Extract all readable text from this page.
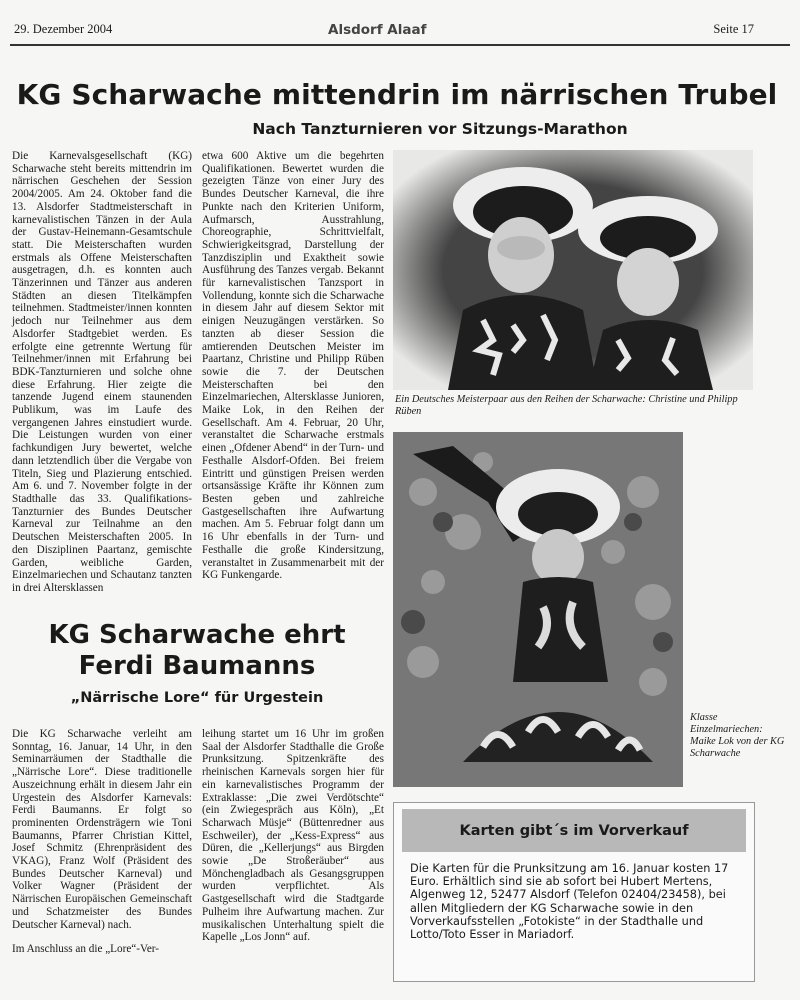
29. Dezember 2004	Alsdorf Alaaf	Seite 17
KG Scharwache mittendrin im närrischen Trubel
Nach Tanzturnieren vor Sitzungs-Marathon

Die Karnevalsgesellschaft (KG) Scharwache steht bereits mittendrin im närrischen Geschehen der Session 2004/2005. Am 24. Oktober fand die 13. Alsdorfer Stadtmeisterschaft in karnevalistischen Tänzen in der Aula der Gustav-Heinemann-Gesamtschule statt. Die Meisterschaften wurden erstmals als Offene Meisterschaften ausgetragen, d.h. es konnten auch Tänzerinnen und Tänzer aus anderen Städten an diesen Titelkämpfen teilnehmen. Stadtmeister/innen konnten jedoch nur Teilnehmer aus dem Alsdorfer Stadtgebiet werden. Es erfolgte eine getrennte Wertung für Teilnehmer/innen mit Erfahrung bei BDK-Tanzturnieren und solche ohne diese Erfahrung. Hier zeigte die tanzende Jugend einem staunenden Publikum, was im Laufe des vergangenen Jahres einstudiert wurde. Die Leistungen wurden von einer fachkundigen Jury bewertet, welche dann letztendlich über die Vergabe von Titeln, Sieg und Plazierung entschied. Am 6. und 7. November folgte in der Stadthalle das 33. Qualifikations-Tanzturnier des Bundes Deutscher Karneval zur Teilnahme an den Deutschen Meisterschaften 2005. In den Disziplinen Paartanz, gemischte Garden, weibliche Garden, Einzelmariechen und Schautanz tanzten in drei Altersklassen

etwa 600 Aktive um die begehrten Qualifikationen. Bewertet wurden die gezeigten Tänze von einer Jury des Bundes Deutscher Karneval, die ihre Punkte nach den Kriterien Uniform, Aufmarsch, Ausstrahlung, Choreographie, Schrittvielfalt, Schwierigkeitsgrad, Darstellung der Tanzdisziplin und Exaktheit sowie Ausführung des Tanzes vergab. Bekannt für karnevalistischen Tanzsport in Vollendung, konnte sich die Scharwache in diesem Jahr auf diesem Sektor mit einigen Neuzugängen verstärken. So tanzten ab dieser Session die amtierenden Deutschen Meister im Paartanz, Christine und Philipp Rüben sowie die 7. der Deutschen Meisterschaften bei den Einzelmariechen, Altersklasse Junioren, Maike Lok, in den Reihen der Gesellschaft. Am 4. Februar, 20 Uhr, veranstaltet die Scharwache erstmals einen „Ofdener Abend“ in der Turn- und Festhalle Alsdorf-Ofden. Bei freiem Eintritt und günstigen Preisen werden ortsansässige Kräfte ihr Können zum Besten geben und zahlreiche Gastgesellschaften ihre Aufwartung machen. Am 5. Februar folgt dann um 16 Uhr ebenfalls in der Turn- und Festhalle die große Kindersitzung, veranstaltet in Zusammenarbeit mit der KG Funkengarde.

Ein Deutsches Meisterpaar aus den Reihen der Scharwache: Christine und Philipp Rüben
Klasse Einzelmariechen: Maike Lok von der KG Scharwache
KG Scharwache ehrt Ferdi Baumanns
„Närrische Lore“ für Urgestein

Die KG Scharwache verleiht am Sonntag, 16. Januar, 14 Uhr, in den Seminarräumen der Stadthalle die „Närrische Lore“. Diese traditionelle Auszeichnung erhält in diesem Jahr ein Urgestein des Alsdorfer Karnevals: Ferdi Baumanns. Er folgt so prominenten Ordensträgern wie Toni Baumanns, Pfarrer Christian Kittel, Josef Schmitz (Ehrenpräsident des VKAG), Franz Wolf (Präsident des Bundes Deutscher Karneval) und Volker Wagner (Präsident der Närrischen Europäischen Gemeinschaft und Schatzmeister des Bundes Deutscher Karneval) nach.

Im Anschluss an die „Lore“-Ver-

leihung startet um 16 Uhr im großen Saal der Alsdorfer Stadthalle die Große Prunksitzung. Spitzenkräfte des rheinischen Karnevals sorgen hier für ein karnevalistisches Programm der Extraklasse: „Die zwei Verdötschte“ (ein Zwiegespräch aus Köln), „Et Scharwach Müsje“ (Büttenredner aus Eschweiler), der „Kess-Express“ aus Düren, die „Kellerjungs“ aus Birgden sowie „De Stroßeräuber“ aus Mönchengladbach als Gesangsgruppen wurden verpflichtet. Als Gastgesellschaft wird die Stadtgarde Pulheim ihre Aufwartung machen. Zur musikalischen Unterhaltung spielt die Kapelle „Los Jonn“ auf.

Karten gibt´s im Vorverkauf
Die Karten für die Prunksitzung am 16. Januar kosten 17 Euro. Erhältlich sind sie ab sofort bei Hubert Mertens, Algenweg 12, 52477 Alsdorf (Telefon 02404/23458), bei allen Mitgliedern der KG Scharwache sowie in den Vorverkaufsstellen „Fotokiste“ in der Stadthalle und Lotto/Toto Esser in Mariadorf.
